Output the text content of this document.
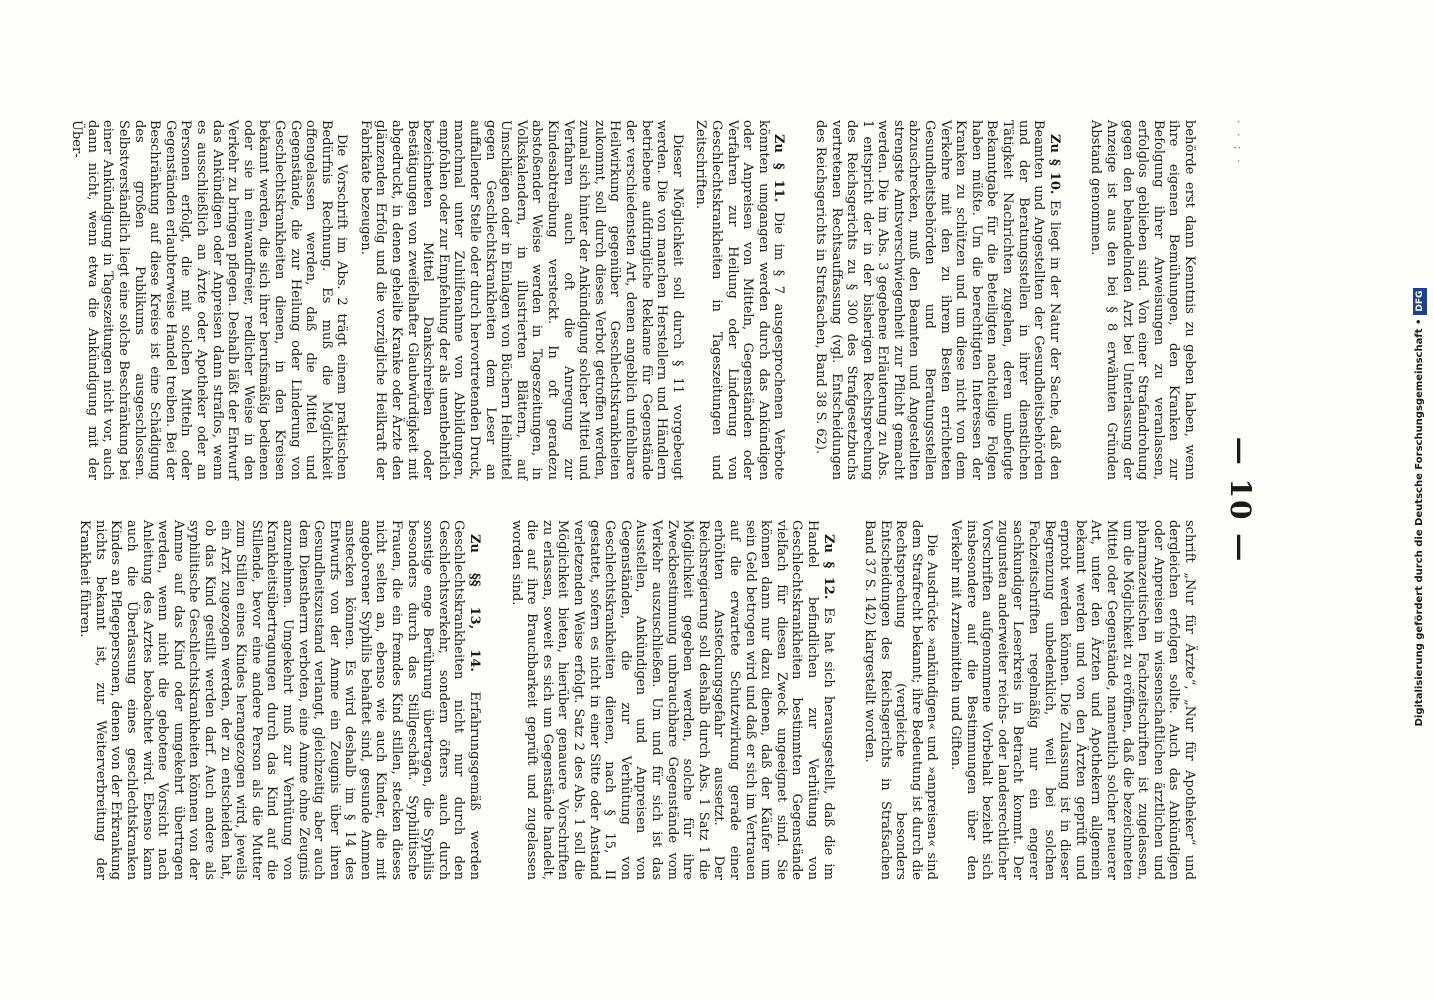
· · ; ·
— 10 —

behörde erst dann Kenntnis zu geben haben, wenn ihre eigenen Bemühungen, den Kranken zur Befolgung ihrer Anweisungen zu veranlassen, erfolglos geblieben sind. Von einer Strafandrohung gegen den behandelnden Arzt bei Unterlassung der Anzeige ist aus den bei § 8 erwähnten Gründen Abstand genommen.

Zu § 10. Es liegt in der Natur der Sache, daß den Beamten und Angestellten der Gesundheitsbehörden und der Beratungsstellen in ihrer dienstlichen Tätigkeit Nachrichten zugehen, deren unbefugte Bekanntgabe für die Beteiligten nachteilige Folgen haben müßte. Um die berechtigten Interessen der Kranken zu schützen und um diese nicht von dem Verkehre mit den zu ihrem Besten errichteten Gesundheitsbehörden und Beratungsstellen abzuschrecken, muß den Beamten und Angestellten strengste Amtsverschwiegenheit zur Pflicht gemacht werden. Die im Abs. 3 gegebene Erläuterung zu Abs. 1 entspricht der in der bisherigen Rechtsprechung des Reichsgerichts zu § 300 des Strafgesetzbuchs vertretenen Rechtsauffassung (vgl. Entscheidungen des Reichsgerichts in Strafsachen, Band 38 S. 62).

Zu § 11. Die im § 7 ausgesprochenen Verbote könnten umgangen werden durch das Ankündigen oder Anpreisen von Mitteln, Gegenständen oder Verfahren zur Heilung oder Linderung von Geschlechtskrankheiten in Tageszeitungen und Zeitschriften.

Dieser Möglichkeit soll durch § 11 vorgebeugt werden. Die von manchen Herstellern und Händlern betriebene aufdringliche Reklame für Gegenstände der verschiedensten Art, denen angeblich unfehlbare Heilwirkung gegenüber Geschlechtskrankheiten zukommt, soll durch dieses Verbot getroffen werden, zumal sich hinter der Ankündigung solcher Mittel und Verfahren auch oft die Anregung zur Kindesabtreibung versteckt. In oft geradezu abstoßender Weise werden in Tageszeitungen, in Volkskalendern, in illustrierten Blättern, auf Umschlägen oder in Einlagen von Büchern Heilmittel gegen Geschlechtskrankheiten dem Leser an auffallender Stelle oder durch hervortretenden Druck, manchmal unter Zuhilfenahme von Abbildungen, empfohlen oder zur Empfehlung der als unentbehrlich bezeichneten Mittel Dankschreiben oder Bestätigungen von zweifelhafter Glaubwürdigkeit mit abgedruckt, in denen geheilte Kranke oder Ärzte den glänzenden Erfolg und die vorzügliche Heilkraft der Fabrikate bezeugen.

Die Vorschrift im Abs. 2 trägt einem praktischen Bedürfnis Rechnung. Es muß die Möglichkeit offengelassen werden, daß die Mittel und Gegenstände, die zur Heilung oder Linderung von Geschlechtskrankheiten dienen, in den Kreisen bekannt werden, die sich ihrer berufsmäßig bedienen oder sie in einwandfreier, redlicher Weise in den Verkehr zu bringen pflegen. Deshalb läßt der Entwurf das Ankündigen oder Anpreisen dann straflos, wenn es ausschließlich an Ärzte oder Apotheker oder an Personen erfolgt, die mit solchen Mitteln oder Gegenständen erlaubterweise Handel treiben. Bei der Beschränkung auf diese Kreise ist eine Schädigung des großen Publikums ausgeschlossen. Selbstverständlich liegt eine solche Beschränkung bei einer Ankündigung in Tageszeitungen nicht vor, auch dann nicht, wenn etwa die Ankündigung mit der Über-

schrift „Nur für Ärzte“, „Nur für Apotheker“ und dergleichen erfolgen sollte. Auch das Ankündigen oder Anpreisen in wissenschaftlichen ärztlichen und pharmazeutischen Fachzeitschriften ist zugelassen, um die Möglichkeit zu eröffnen, daß die bezeichneten Mittel oder Gegenstände, namentlich solcher neuerer Art, unter den Ärzten und Apothekern allgemein bekannt werden und von den Ärzten geprüft und erprobt werden können. Die Zulassung ist in dieser Begrenzung unbedenklich, weil bei solchen Fachzeitschriften regelmäßig nur ein engerer sachkundiger Leserkreis in Betracht kommt. Der zugunsten anderweiter reichs- oder landesrechtlicher Vorschriften aufgenommene Vorbehalt bezieht sich insbesondere auf die Bestimmungen über den Verkehr mit Arzneimitteln und Giften.

Die Ausdrücke »ankündigen« und »anpreisen« sind dem Strafrecht bekannt; ihre Bedeutung ist durch die Rechtsprechung (vergleiche besonders Entscheidungen des Reichsgerichts in Strafsachen Band 37 S. 142) klargestellt worden.

Zu § 12. Es hat sich herausgestellt, daß die im Handel befindlichen zur Verhütung von Geschlechtskrankheiten bestimmten Gegenstände vielfach für diesen Zweck ungeeignet sind. Sie können dann nur dazu dienen, daß der Käufer um sein Geld betrogen wird und daß er sich im Vertrauen auf die erwartete Schutzwirkung gerade einer erhöhten Ansteckungsgefahr aussetzt. Der Reichsregierung soll deshalb durch Abs. 1 Satz 1 die Möglichkeit gegeben werden, solche für ihre Zweckbestimmung unbrauchbare Gegenstände vom Verkehr auszuschließen. Um und für sich ist das Ausstellen, Ankündigen und Anpreisen von Gegenständen, die zur Verhütung von Geschlechtskrankheiten dienen, nach § 15, II gestattet, sofern es nicht in einer Sitte oder Anstand verletzenden Weise erfolgt. Satz 2 des Abs. 1 soll die Möglichkeit bieten, hierüber genauere Vorschriften zu erlassen, soweit es sich um Gegenstände handelt, die auf ihre Brauchbarkeit geprüft und zugelassen worden sind.

Zu §§ 13, 14. Erfahrungsgemäß werden Geschlechtskrankheiten nicht nur durch den Geschlechtsverkehr, sondern öfters auch durch sonstige enge Berührung übertragen, die Syphilis besonders durch das Stillgeschäft. Syphilitische Frauen, die ein fremdes Kind stillen, stecken dieses nicht selten an, ebenso wie auch Kinder, die mit angeborener Syphilis behaftet sind, gesunde Ammen anstecken können. Es wird deshalb im § 14 des Entwurfs von der Amme ein Zeugnis über ihren Gesundheitszustand verlangt, gleichzeitig aber auch dem Dienstherrn verboten, eine Amme ohne Zeugnis anzunehmen. Umgekehrt muß zur Verhütung von Krankheitsübertragungen durch das Kind auf die Stillende, bevor eine andere Person als die Mutter zum Stillen eines Kindes herangezogen wird, jeweils ein Arzt zugezogen werden, der zu entscheiden hat, ob das Kind gestillt werden darf. Auch andere als syphilitische Geschlechtskrankheiten können von der Amme auf das Kind oder umgekehrt übertragen werden, wenn nicht die gebotene Vorsicht nach Anleitung des Arztes beobachtet wird. Ebenso kann auch die Überlassung eines geschlechtskranken Kindes an Pflegepersonen, denen von der Erkrankung nichts bekannt ist, zur Weiterverbreitung der Krankheit führen.	Digitalisierung gefördert durch die Deutsche Forschungsgemeinschaft •DFG
